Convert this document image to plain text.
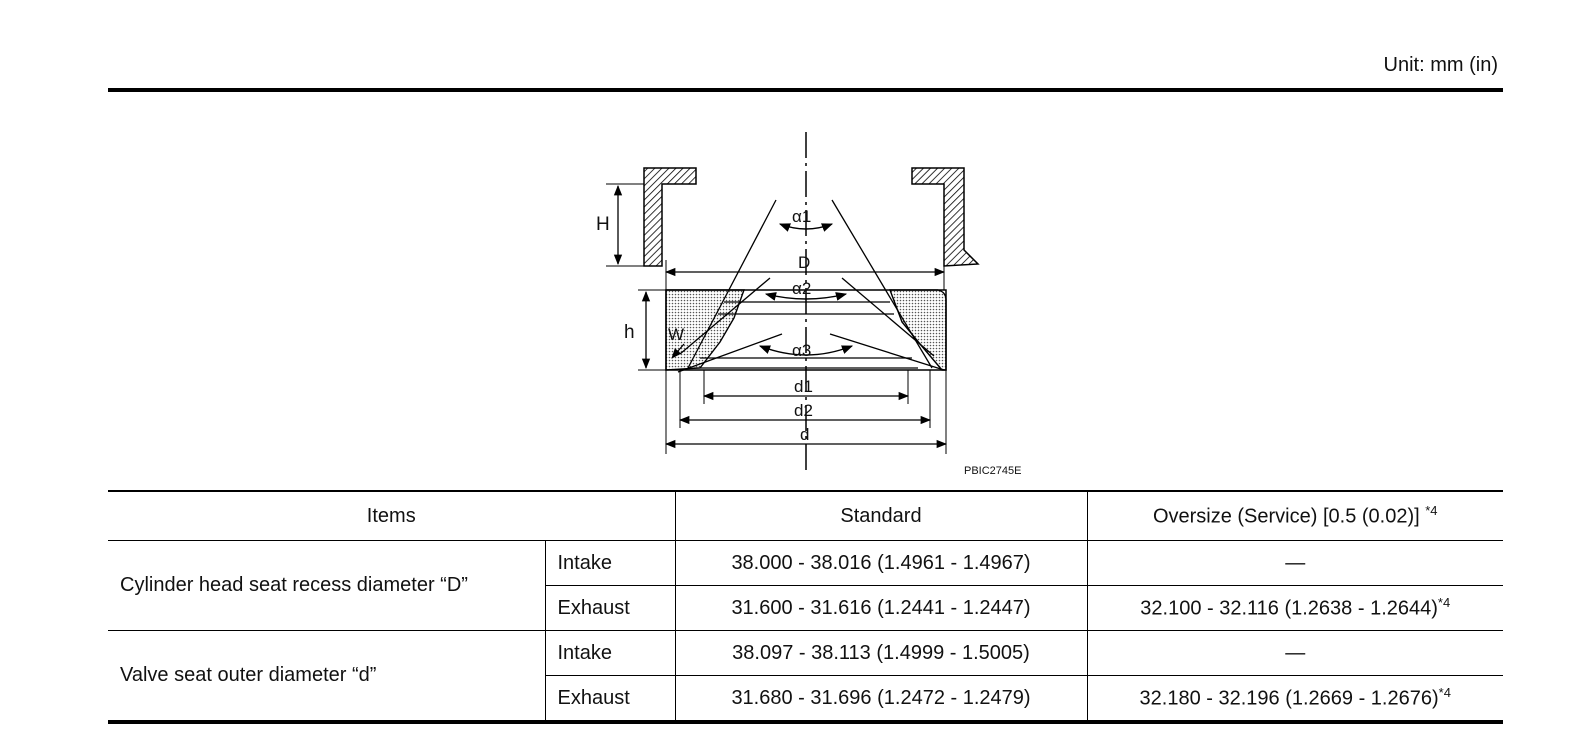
Unit: mm (in)
H
h W
α1
D
α2
α3
d1
d2
d
PBIC2745E
Items		Standard	Oversize (Service) [0.5 (0.02)] $^{*4}$
Cylinder head seat recess diameter “D”	Intake	38.000 - 38.016 (1.4961 - 1.4967)	—
	Exhaust	31.600 - 31.616 (1.2441 - 1.2447)	32.100 - 32.116 (1.2638 - 1.2644)$^{*4}$
Valve seat outer diameter “d”	Intake	38.097 - 38.113 (1.4999 - 1.5005)	—
	Exhaust	31.680 - 31.696 (1.2472 - 1.2479)	32.180 - 32.196 (1.2669 - 1.2676)$^{*4}$
